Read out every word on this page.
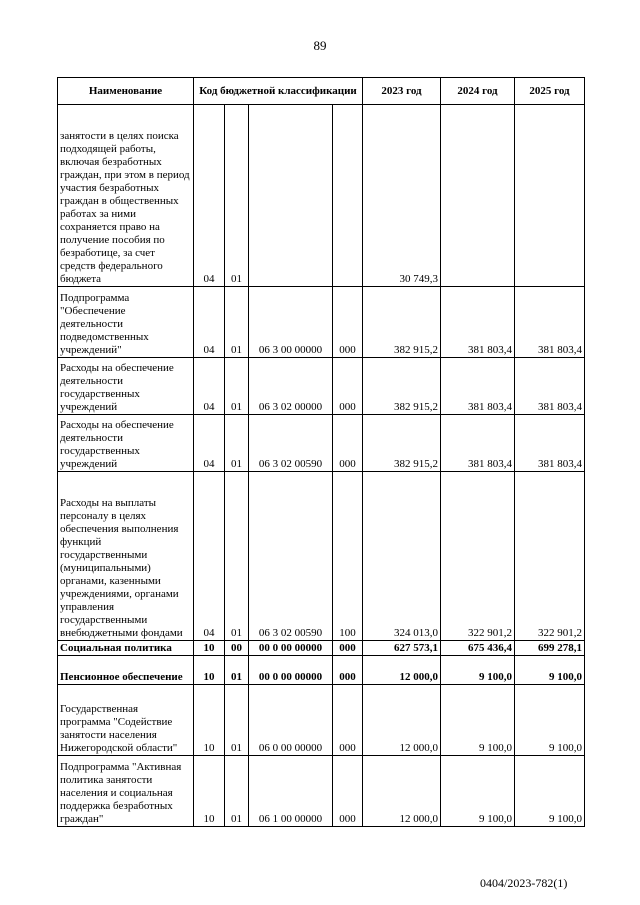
89
Наименование	Код бюджетной классификации				2023 год	2024 год	2025 год
занятости в целях поиска подходящей работы, включая безработных граждан, при этом в период участия безработных граждан в общественных работах за ними сохраняется право на получение пособия по безработице, за счет средств федерального бюджета	04	01			30 749,3		
Подпрограмма "Обеспечение деятельности подведомственных учреждений"	04	01	06 3 00 00000	000	382 915,2	381 803,4	381 803,4
Расходы на обеспечение деятельности государственных учреждений	04	01	06 3 02 00000	000	382 915,2	381 803,4	381 803,4
Расходы на обеспечение деятельности государственных учреждений	04	01	06 3 02 00590	000	382 915,2	381 803,4	381 803,4
Расходы на выплаты персоналу в целях обеспечения выполнения функций государственными (муниципальными) органами, казенными учреждениями, органами управления государственными внебюджетными фондами	04	01	06 3 02 00590	100	324 013,0	322 901,2	322 901,2
Социальная политика	10	00	00 0 00 00000	000	627 573,1	675 436,4	699 278,1
Пенсионное обеспечение	10	01	00 0 00 00000	000	12 000,0	9 100,0	9 100,0
Государственная программа "Содействие занятости населения Нижегородской области"	10	01	06 0 00 00000	000	12 000,0	9 100,0	9 100,0
Подпрограмма "Активная политика занятости населения и социальная поддержка безработных граждан"	10	01	06 1 00 00000	000	12 000,0	9 100,0	9 100,0
0404/2023-782(1)
